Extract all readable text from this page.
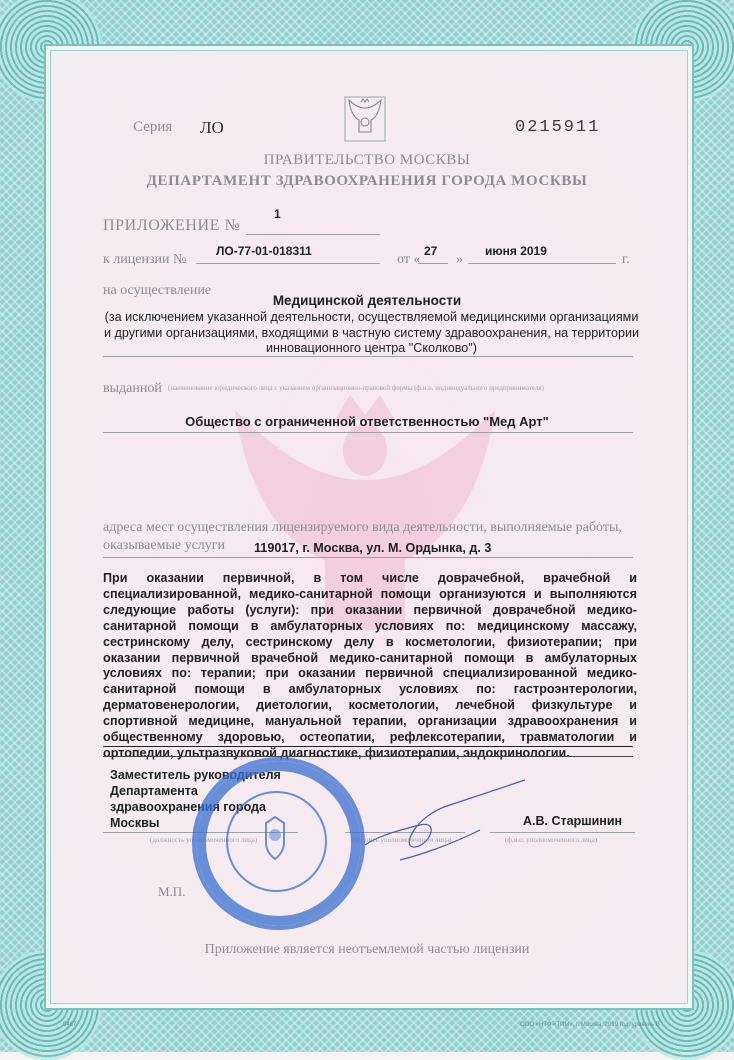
Серия ЛО	0215911
ПРАВИТЕЛЬСТВО МОСКВЫ
ДЕПАРТАМЕНТ ЗДРАВООХРАНЕНИЯ ГОРОДА МОСКВЫ
ПРИЛОЖЕНИЕ №
1
к лицензии №
ЛО-77-01-018311
от «
27
»
июня 2019
г.
на осуществление
Медицинской деятельности
(за исключением указанной деятельности, осуществляемой медицинскими организациями и другими организациями, входящими в частную систему здравоохранения, на территории инновационного центра "Сколково")
выданной (наименование юридического лица с указанием организационно-правовой формы (ф.и.о. индивидуального предпринимателя)
Общество с ограниченной ответственностью "Мед Арт"
адреса мест осуществления лицензируемого вида деятельности, выполняемые работы,
оказываемые услуги 119017, г. Москва, ул. М. Ордынка, д. 3
При оказании первичной, в том числе доврачебной, врачебной и специализированной, медико-санитарной помощи организуются и выполняются следующие работы (услуги): при оказании первичной доврачебной медико-санитарной помощи в амбулаторных условиях по: медицинскому массажу, сестринскому делу, сестринскому делу в косметологии, физиотерапии; при оказании первичной врачебной медико-санитарной помощи в амбулаторных условиях по: терапии; при оказании первичной специализированной медико-санитарной помощи в амбулаторных условиях по: гастроэнтерологии, дерматовенерологии, диетологии, косметологии, лечебной физкультуре и спортивной медицине, мануальной терапии, организации здравоохранения и общественному здоровью, остеопатии, рефлексотерапии, травматологии и ортопедии, ультразвуковой диагностике, физиотерапии, эндокринологии.
Заместитель руководителя
Департамента
здравоохранения города
Москвы
(должность уполномоченного лица)	(подпись уполномоченного лица)	(ф.и.о. уполномоченного лица)
А.В. Старшинин
М.П.
Приложение является неотъемлемой частью лицензии
0467	ООО «НТФ «ТИМ», г. Москва, 2019 год, уровень В
